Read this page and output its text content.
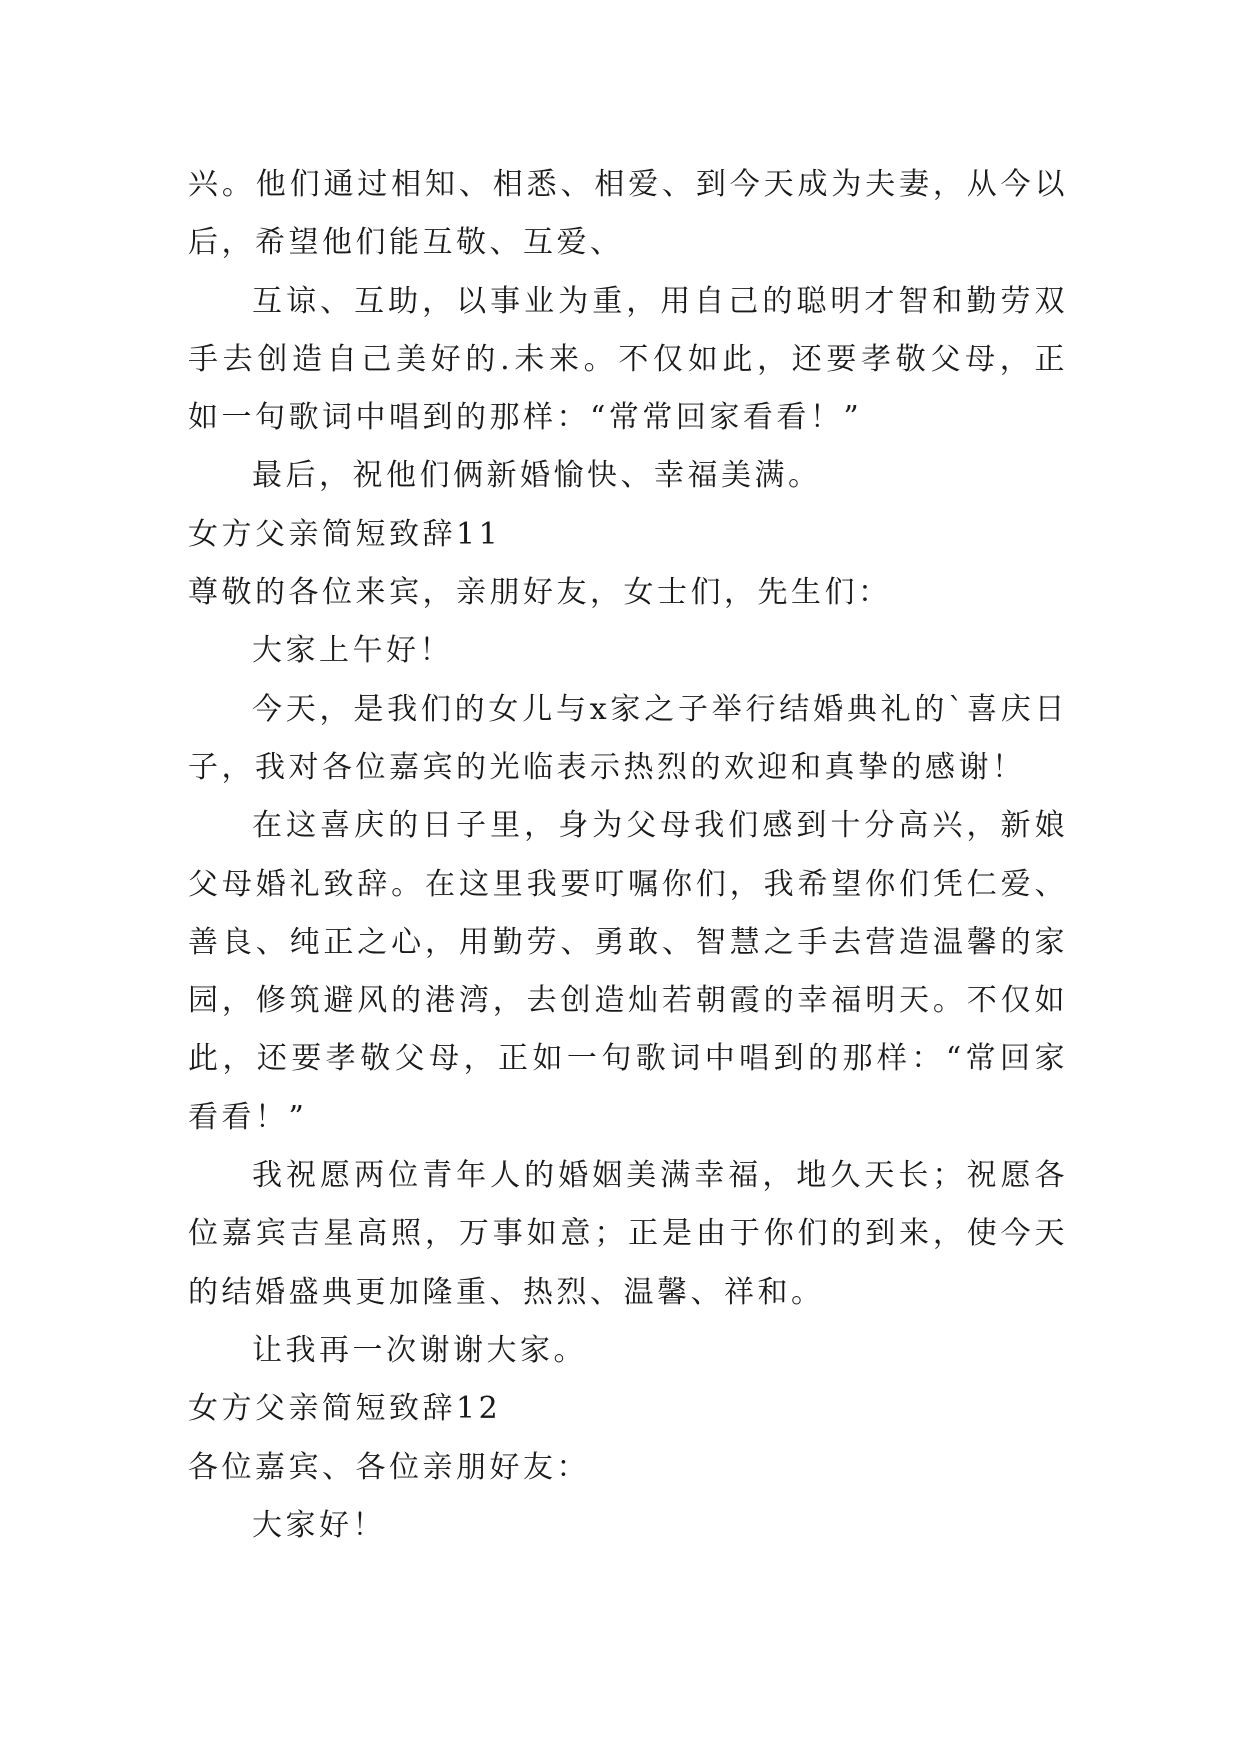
兴。他们通过相知、相悉、相爱、到今天成为夫妻，从今以后，希望他们能互敬、互爱、

互谅、互助，以事业为重，用自己的聪明才智和勤劳双手去创造自己美好的.未来。不仅如此，还要孝敬父母，正如一句歌词中唱到的那样：“常常回家看看！”

最后，祝他们俩新婚愉快、幸福美满。

女方父亲简短致辞11

尊敬的各位来宾，亲朋好友，女士们，先生们：

大家上午好！

今天，是我们的女儿与x家之子举行结婚典礼的`喜庆日子，我对各位嘉宾的光临表示热烈的欢迎和真挚的感谢！

在这喜庆的日子里，身为父母我们感到十分高兴，新娘父母婚礼致辞。在这里我要叮嘱你们，我希望你们凭仁爱、善良、纯正之心，用勤劳、勇敢、智慧之手去营造温馨的家园，修筑避风的港湾，去创造灿若朝霞的幸福明天。不仅如此，还要孝敬父母，正如一句歌词中唱到的那样：“常回家看看！”

我祝愿两位青年人的婚姻美满幸福，地久天长；祝愿各位嘉宾吉星高照，万事如意；正是由于你们的到来，使今天的结婚盛典更加隆重、热烈、温馨、祥和。

让我再一次谢谢大家。

女方父亲简短致辞12

各位嘉宾、各位亲朋好友：

大家好！
